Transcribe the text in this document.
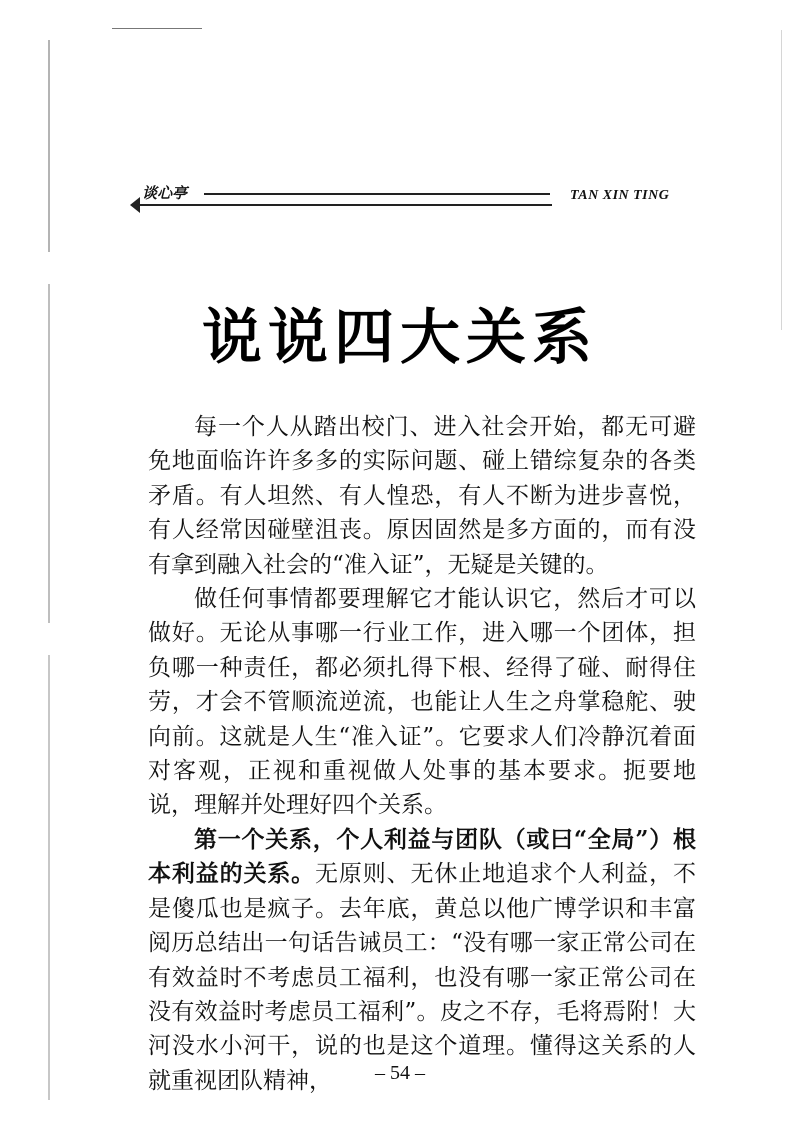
谈心亭	TAN XIN TING
说说四大关系

每一个人从踏出校门、进入社会开始，都无可避免地面临许许多多的实际问题、碰上错综复杂的各类矛盾。有人坦然、有人惶恐，有人不断为进步喜悦，有人经常因碰壁沮丧。原因固然是多方面的，而有没有拿到融入社会的“准入证”，无疑是关键的。

做任何事情都要理解它才能认识它，然后才可以做好。无论从事哪一行业工作，进入哪一个团体，担负哪一种责任，都必须扎得下根、经得了碰、耐得住劳，才会不管顺流逆流，也能让人生之舟掌稳舵、驶向前。这就是人生“准入证”。它要求人们冷静沉着面对客观，正视和重视做人处事的基本要求。扼要地说，理解并处理好四个关系。

第一个关系，个人利益与团队（或曰“全局”）根本利益的关系。无原则、无休止地追求个人利益，不是傻瓜也是疯子。去年底，黄总以他广博学识和丰富阅历总结出一句话告诫员工：“没有哪一家正常公司在有效益时不考虑员工福利，也没有哪一家正常公司在没有效益时考虑员工福利”。皮之不存，毛将焉附！大河没水小河干，说的也是这个道理。懂得这关系的人就重视团队精神，	– 54 –
